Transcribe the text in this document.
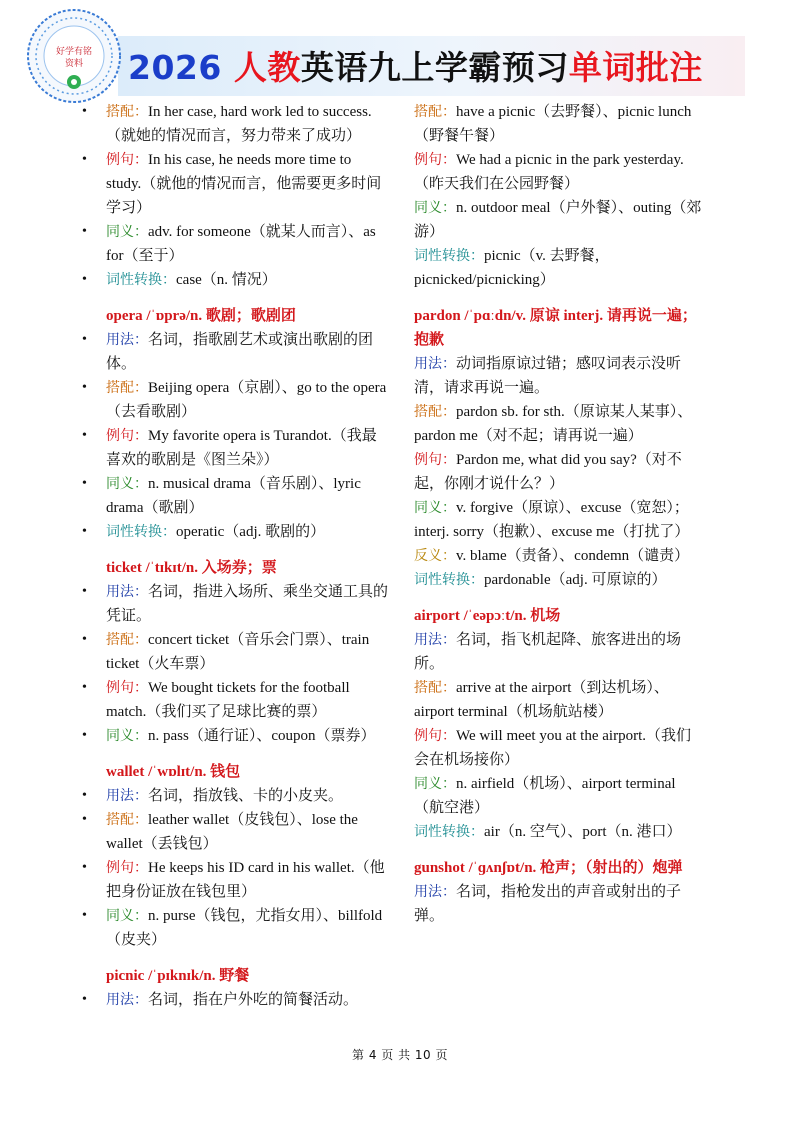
好学有铭
资料 2026 人教英语九上学霸预习单词批注
• 搭配：In her case, hard work led to success.（就她的情况而言，努力带来了成功）
• 例句：In his case, he needs more time to study.（就他的情况而言，他需要更多时间学习）
• 同义：adv. for someone（就某人而言）、as for（至于）
• 词性转换：case（n. 情况）
opera /ˈɒprə/n. 歌剧；歌剧团
• 用法：名词，指歌剧艺术或演出歌剧的团体。
• 搭配：Beijing opera（京剧）、go to the opera（去看歌剧）
• 例句：My favorite opera is Turandot.（我最喜欢的歌剧是《图兰朵》）
• 同义：n. musical drama（音乐剧）、lyric drama（歌剧）
• 词性转换：operatic（adj. 歌剧的）
ticket /ˈtɪkɪt/n. 入场券；票
• 用法：名词，指进入场所、乘坐交通工具的凭证。
• 搭配：concert ticket（音乐会门票）、train ticket（火车票）
• 例句：We bought tickets for the football match.（我们买了足球比赛的票）
• 同义：n. pass（通行证）、coupon（票券）
wallet /ˈwɒlɪt/n. 钱包
• 用法：名词，指放钱、卡的小皮夹。
• 搭配：leather wallet（皮钱包）、lose the wallet（丢钱包）
• 例句：He keeps his ID card in his wallet.（他把身份证放在钱包里）
• 同义：n. purse（钱包，尤指女用）、billfold（皮夹）
picnic /ˈpɪknɪk/n. 野餐
• 用法：名词，指在户外吃的简餐活动。
搭配：have a picnic（去野餐）、picnic lunch（野餐午餐）
例句：We had a picnic in the park yesterday.（昨天我们在公园野餐）
同义：n. outdoor meal（户外餐）、outing（郊游）
词性转换：picnic（v. 去野餐，picnicked/picnicking）
pardon /ˈpɑːdn/v. 原谅 interj. 请再说一遍；抱歉
用法：动词指原谅过错；感叹词表示没听清，请求再说一遍。
搭配：pardon sb. for sth.（原谅某人某事）、pardon me（对不起；请再说一遍）
例句：Pardon me, what did you say?（对不起，你刚才说什么？）
同义：v. forgive（原谅）、excuse（宽恕）；interj. sorry（抱歉）、excuse me（打扰了）
反义：v. blame（责备）、condemn（谴责）
词性转换：pardonable（adj. 可原谅的）
airport /ˈeəpɔːt/n. 机场
用法：名词，指飞机起降、旅客进出的场所。
搭配：arrive at the airport（到达机场）、airport terminal（机场航站楼）
例句：We will meet you at the airport.（我们会在机场接你）
同义：n. airfield（机场）、airport terminal（航空港）
词性转换：air（n. 空气）、port（n. 港口）
gunshot /ˈɡʌnʃɒt/n. 枪声；（射出的）炮弹
用法：名词，指枪发出的声音或射出的子弹。
第 4 页 共 10 页
